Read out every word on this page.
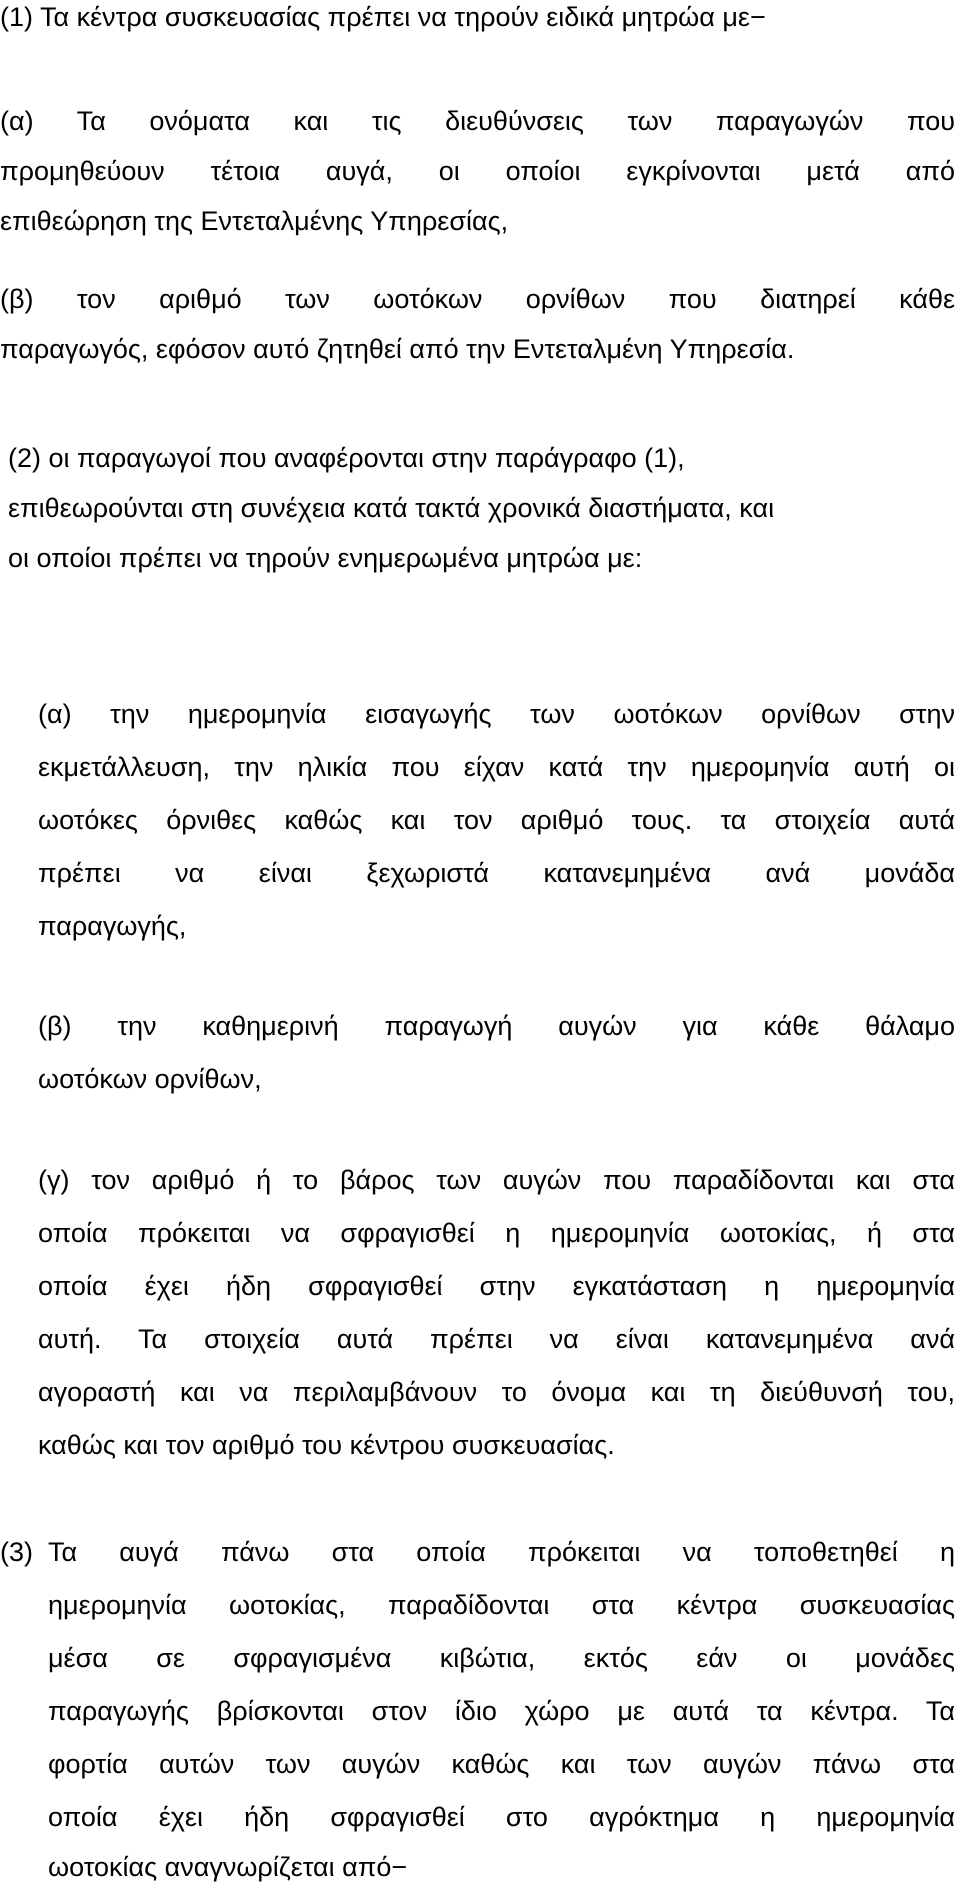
(1) Τα κέντρα συσκευασίας πρέπει να τηρούν ειδικά μητρώα με−
(α) Τα ονόματα και τις διευθύνσεις των παραγωγών που
προμηθεύουν τέτοια αυγά, οι οποίοι εγκρίνονται μετά από
επιθεώρηση της Εντεταλμένης Υπηρεσίας,
(β) τον αριθμό των ωοτόκων ορνίθων που διατηρεί κάθε
παραγωγός, εφόσον αυτό ζητηθεί από την Εντεταλμένη Υπηρεσία.
(2) οι παραγωγοί που αναφέρονται στην παράγραφο (1),
επιθεωρούνται στη συνέχεια κατά τακτά χρονικά διαστήματα, και
οι οποίοι πρέπει να τηρούν ενημερωμένα μητρώα με:
(α) την ημερομηνία εισαγωγής των ωοτόκων ορνίθων στην
εκμετάλλευση, την ηλικία που είχαν κατά την ημερομηνία αυτή οι
ωοτόκες όρνιθες καθώς και τον αριθμό τους. τα στοιχεία αυτά
πρέπει να είναι ξεχωριστά κατανεμημένα ανά μονάδα
παραγωγής,
(β) την καθημερινή παραγωγή αυγών για κάθε θάλαμο
ωοτόκων ορνίθων,
(γ) τον αριθμό ή το βάρος των αυγών που παραδίδονται και στα
οποία πρόκειται να σφραγισθεί η ημερομηνία ωοτοκίας, ή στα
οποία έχει ήδη σφραγισθεί στην εγκατάσταση η ημερομηνία
αυτή. Τα στοιχεία αυτά πρέπει να είναι κατανεμημένα ανά
αγοραστή και να περιλαμβάνουν το όνομα και τη διεύθυνσή του,
καθώς και τον αριθμό του κέντρου συσκευασίας.
(3) Τα αυγά πάνω στα οποία πρόκειται να τοποθετηθεί η
ημερομηνία ωοτοκίας, παραδίδονται στα κέντρα συσκευασίας
μέσα σε σφραγισμένα κιβώτια, εκτός εάν οι μονάδες
παραγωγής βρίσκονται στον ίδιο χώρο με αυτά τα κέντρα. Τα
φορτία αυτών των αυγών καθώς και των αυγών πάνω στα
οποία έχει ήδη σφραγισθεί στο αγρόκτημα η ημερομηνία
ωοτοκίας αναγνωρίζεται από−
